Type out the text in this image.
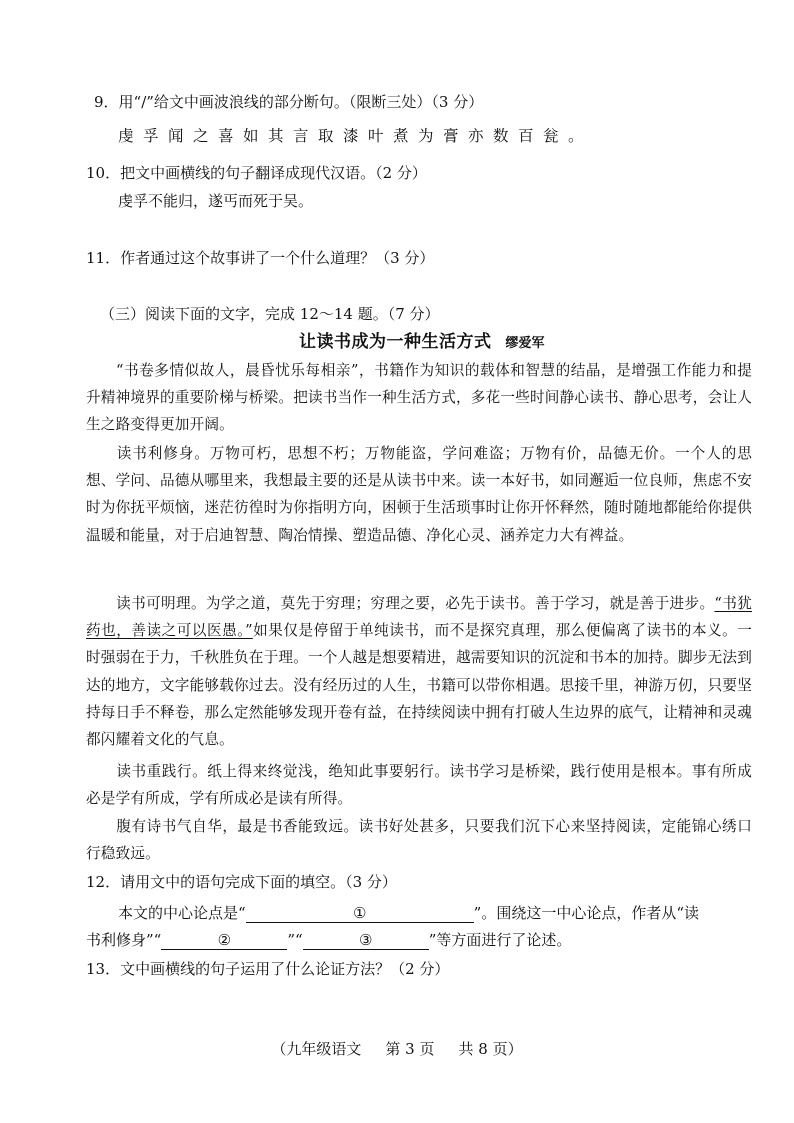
9．用“/”给文中画波浪线的部分断句。（限断三处）（3 分）
虔孚闻之喜如其言取漆叶煮为膏亦数百瓮。
10．把文中画横线的句子翻译成现代汉语。（2 分）
虔孚不能归，遂丐而死于吴。
11．作者通过这个故事讲了一个什么道理？（3 分）
（三）阅读下面的文字，完成 12～14 题。（7 分）
让读书成为一种生活方式 缪爱军
“书卷多情似故人，晨昏忧乐每相亲”，书籍作为知识的载体和智慧的结晶，是增强工作能力和提升精神境界的重要阶梯与桥梁。把读书当作一种生活方式，多花一些时间静心读书、静心思考，会让人生之路变得更加开阔。
读书利修身。万物可朽，思想不朽；万物能盗，学问难盗；万物有价，品德无价。一个人的思想、学问、品德从哪里来，我想最主要的还是从读书中来。读一本好书，如同邂逅一位良师，焦虑不安时为你抚平烦恼，迷茫彷徨时为你指明方向，困顿于生活琐事时让你开怀释然，随时随地都能给你提供温暖和能量，对于启迪智慧、陶冶情操、塑造品德、净化心灵、涵养定力大有裨益。
读书可明理。为学之道，莫先于穷理；穷理之要，必先于读书。善于学习，就是善于进步。“书犹药也，善读之可以医愚。”如果仅是停留于单纯读书，而不是探究真理，那么便偏离了读书的本义。一时强弱在于力，千秋胜负在于理。一个人越是想要精进，越需要知识的沉淀和书本的加持。脚步无法到达的地方，文字能够载你过去。没有经历过的人生，书籍可以带你相遇。思接千里，神游万仞，只要坚持每日手不释卷，那么定然能够发现开卷有益，在持续阅读中拥有打破人生边界的底气，让精神和灵魂都闪耀着文化的气息。
读书重践行。纸上得来终觉浅，绝知此事要躬行。读书学习是桥梁，践行使用是根本。事有所成必是学有所成，学有所成必是读有所得。
腹有诗书气自华，最是书香能致远。读书好处甚多，只要我们沉下心来坚持阅读，定能锦心绣口行稳致远。
12．请用文中的语句完成下面的填空。（3 分）
本文的中心论点是“	①	”。围绕这一中心论点，作者从“读
书利修身”“	②	”“	③	”等方面进行了论述。
13．文中画横线的句子运用了什么论证方法？（2 分）
（九年级语文 第 3 页 共 8 页）
